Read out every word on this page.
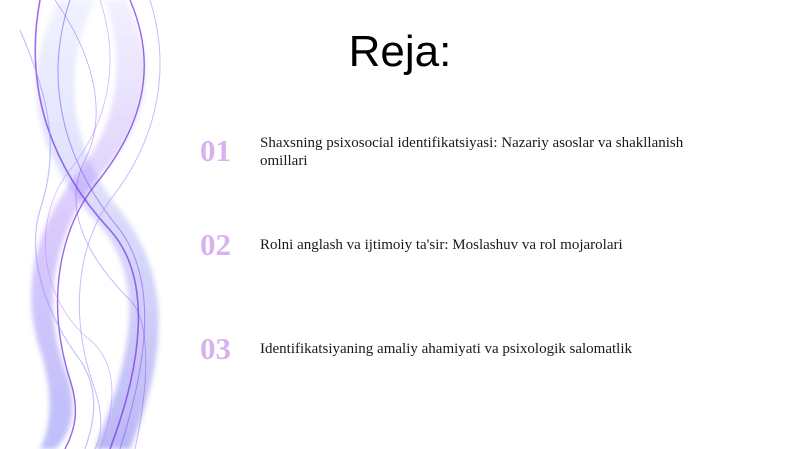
Reja:
01	Shaxsning psixosocial identifikatsiyasi: Nazariy asoslar va shakllanish omillari
02	Rolni anglash va ijtimoiy ta'sir: Moslashuv va rol mojarolari
03	Identifikatsiyaning amaliy ahamiyati va psixologik salomatlik
